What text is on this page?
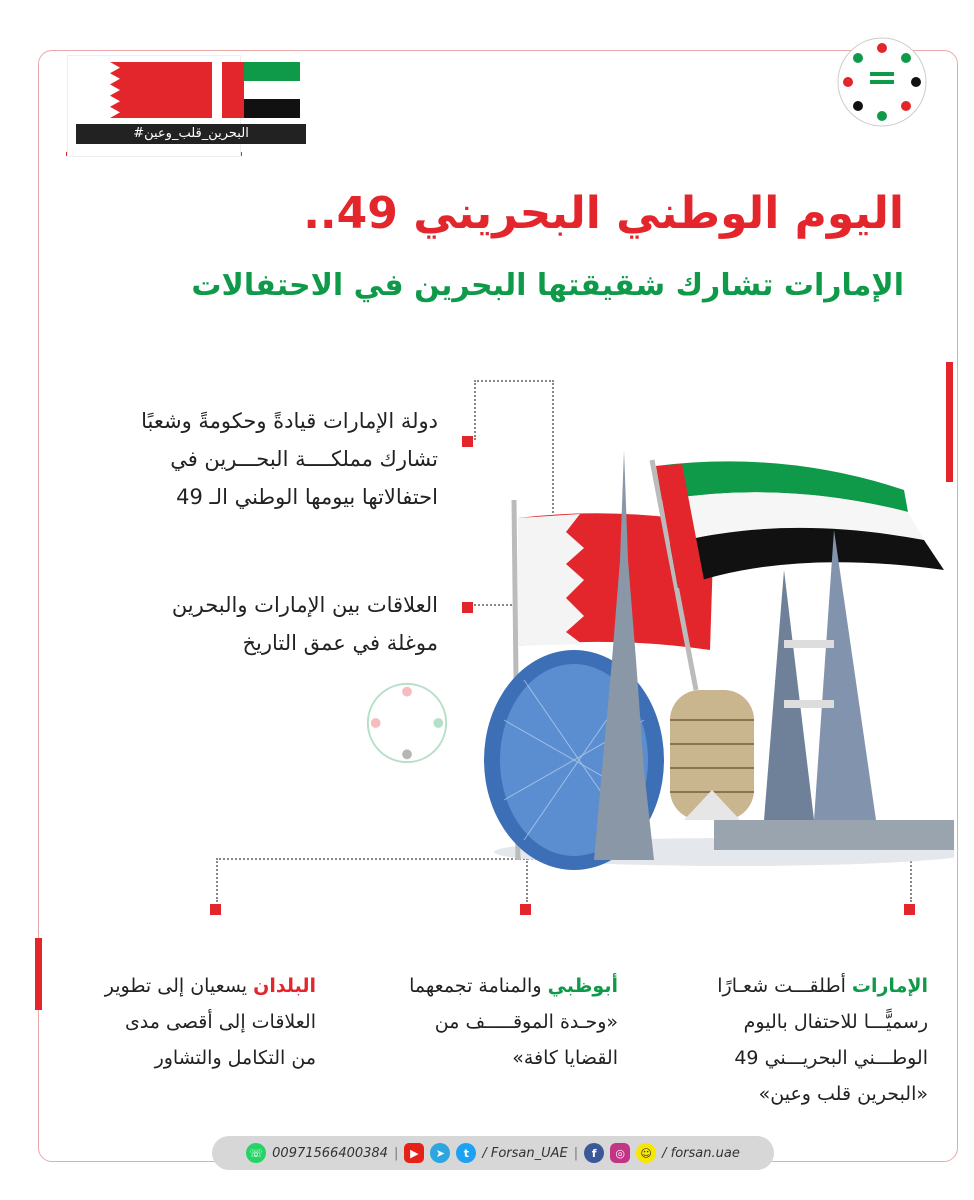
#البحرين_قلب_وعين
اليوم الوطني البحريني 49..
الإمارات تشارك شقيقتها البحرين في الاحتفالات
دولة الإمارات قيادةً وحكومةً وشعبًا
تشارك مملكــــة البحـــرين في
احتفالاتها بيومها الوطني الـ 49
العلاقات بين الإمارات والبحرين
موغلة في عمق التاريخ
الإمارات أطلقـــت شعـارًا
رسميًّـــا للاحتفال باليوم
الوطـــني البحريـــني 49
«البحرين قلب وعين»
أبوظبي والمنامة تجمعهما
«وحـدة الموقـــــف من
القضايا كافة»
البلدان يسعيان إلى تطوير
العلاقات إلى أقصى مدى
من التكامل والتشاور
☏ 00971566400384 |	▶	➤	t	/ Forsan_UAE |	f	◎	☺ / forsan.uae
